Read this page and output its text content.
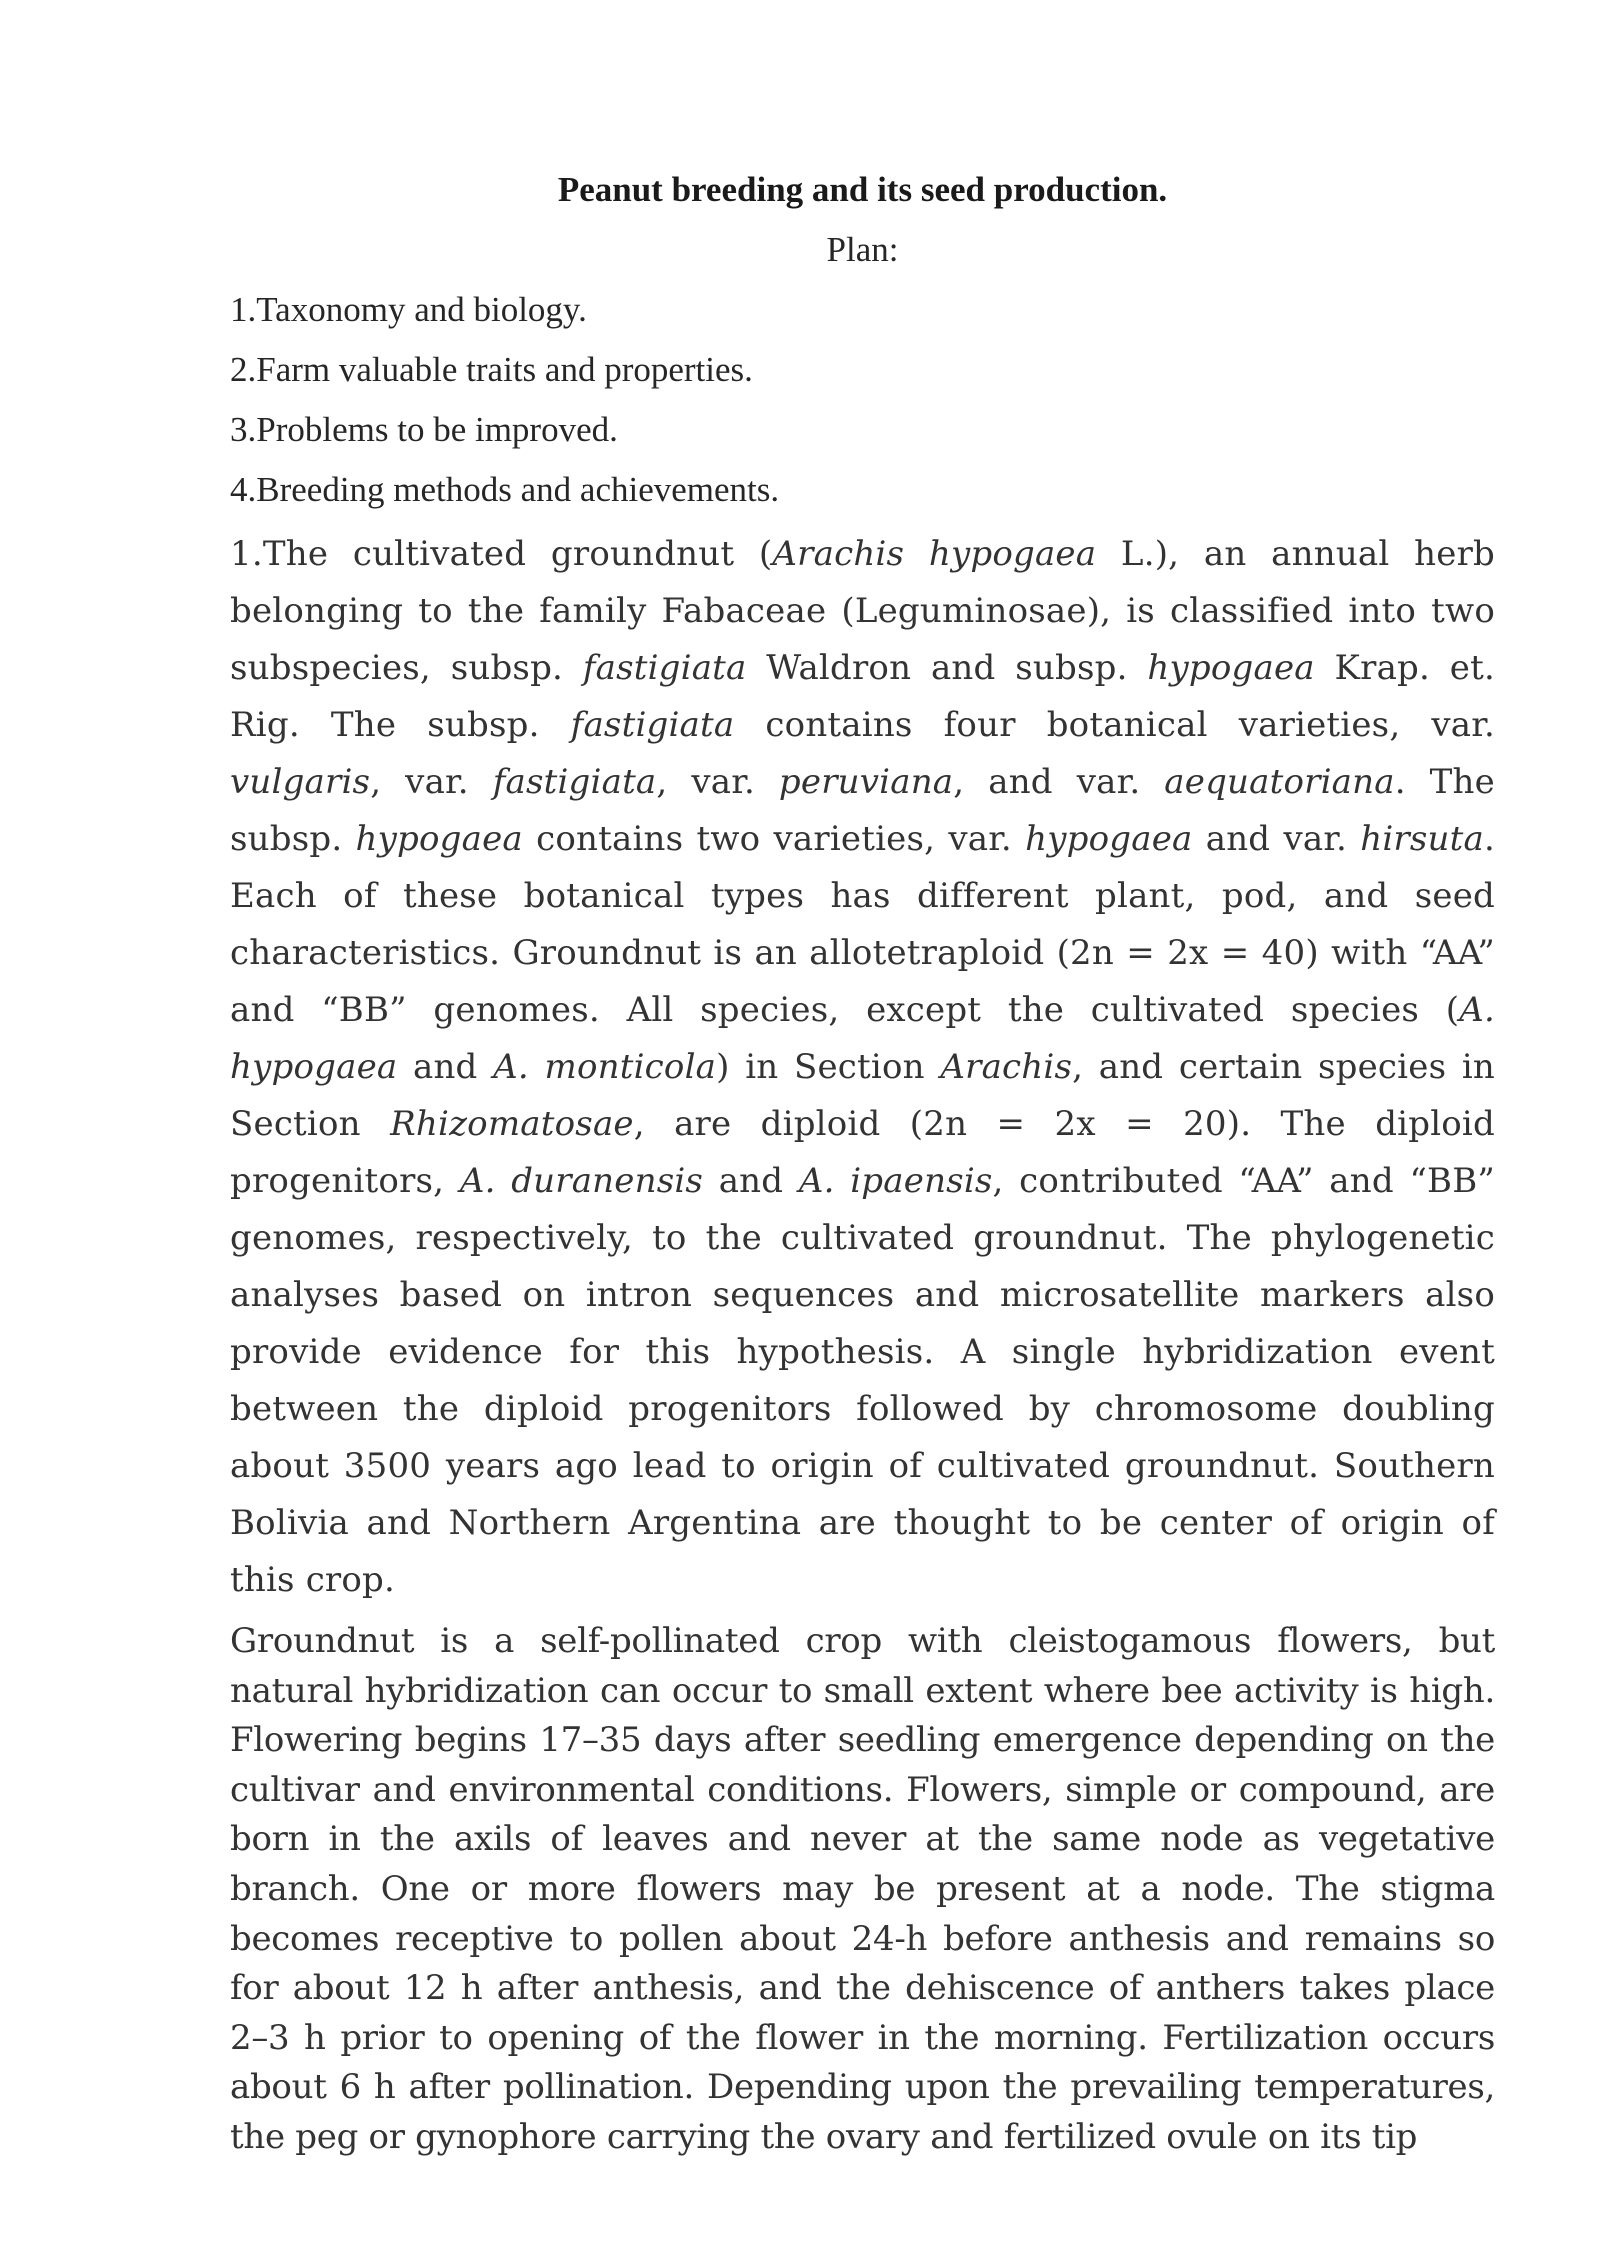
Peanut breeding and its seed production.

Plan:

1.Taxonomy and biology.
2.Farm valuable traits and properties.
3.Problems to be improved.
4.Breeding methods and achievements.

1.The cultivated groundnut (Arachis hypogaea L.), an annual herb belonging to the family Fabaceae (Leguminosae), is classified into two subspecies, subsp. fastigiata Waldron and subsp. hypogaea Krap. et. Rig. The subsp. fastigiata contains four botanical varieties, var. vulgaris, var. fastigiata, var. peruviana, and var. aequatoriana. The subsp. hypogaea contains two varieties, var. hypogaea and var. hirsuta. Each of these botanical types has different plant, pod, and seed characteristics. Groundnut is an allotetraploid (2n = 2x = 40) with “AA” and “BB” genomes. All species, except the cultivated species (A. hypogaea and A. monticola) in Section Arachis, and certain species in Section Rhizomatosae, are diploid (2n = 2x = 20). The diploid progenitors, A. duranensis and A. ipaensis, contributed “AA” and “BB” genomes, respectively, to the cultivated groundnut. The phylogenetic analyses based on intron sequences and microsatellite markers also provide evidence for this hypothesis. A single hybridization event between the diploid progenitors followed by chromosome doubling about 3500 years ago lead to origin of cultivated groundnut. Southern Bolivia and Northern Argentina are thought to be center of origin of this crop.

Groundnut is a self-pollinated crop with cleistogamous flowers, but natural hybridization can occur to small extent where bee activity is high. Flowering begins 17–35 days after seedling emergence depending on the cultivar and environmental conditions. Flowers, simple or compound, are born in the axils of leaves and never at the same node as vegetative branch. One or more flowers may be present at a node. The stigma becomes receptive to pollen about 24-h before anthesis and remains so for about 12 h after anthesis, and the dehiscence of anthers takes place 2–3 h prior to opening of the flower in the morning. Fertilization occurs about 6 h after pollination. Depending upon the prevailing temperatures, the peg or gynophore carrying the ovary and fertilized ovule on its tip
